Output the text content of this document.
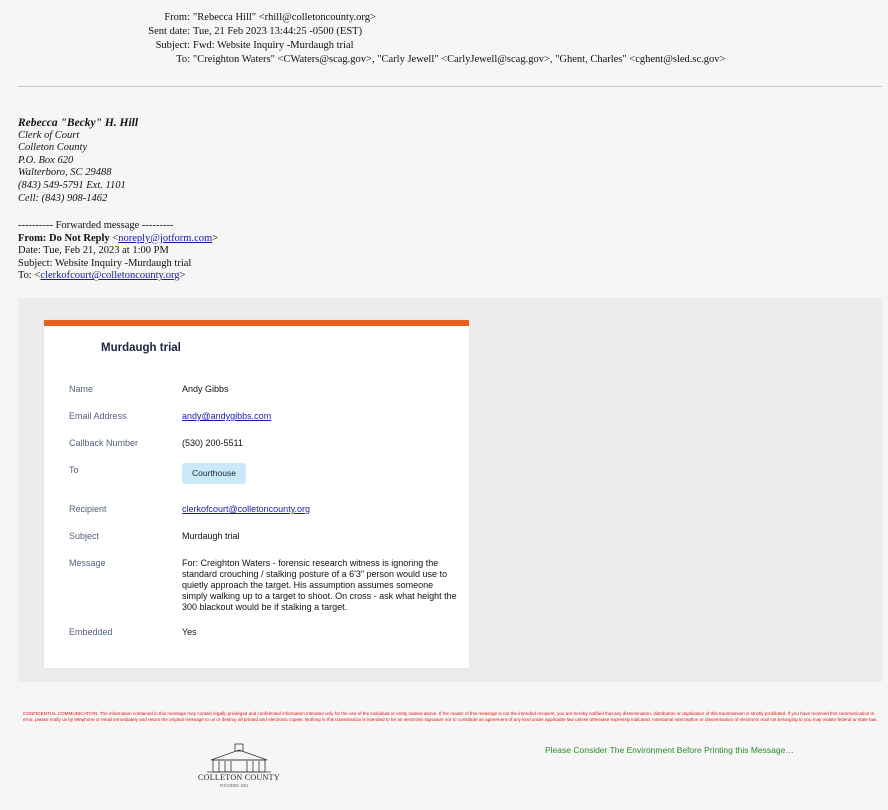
From: "Rebecca Hill" <rhill@colletoncounty.org>
Sent date: Tue, 21 Feb 2023 13:44:25 -0500 (EST)
Subject: Fwd: Website Inquiry -Murdaugh trial
To: "Creighton Waters" <CWaters@scag.gov>, "Carly Jewell" <CarlyJewell@scag.gov>, "Ghent, Charles" <cghent@sled.sc.gov>
Rebecca "Becky" H. Hill
Clerk of Court
Colleton County
P.O. Box 620
Walterboro, SC 29488
(843) 549-5791 Ext. 1101
Cell: (843) 908-1462
---------- Forwarded message ---------
From: Do Not Reply <noreply@jotform.com>
Date: Tue, Feb 21, 2023 at 1:00 PM
Subject: Website Inquiry -Murdaugh trial
To: <clerkofcourt@colletoncounty.org>
Murdaugh trial
Name	Andy Gibbs
Email Address	andy@andygibbs.com
Callback Number	(530) 200-5511
To	Courthouse
Recipient	clerkofcourt@colletoncounty.org
Subject	Murdaugh trial
Message	For: Creighton Waters - forensic research witness is ignoring the standard crouching / stalking posture of a 6'3" person would use to quietly approach the target. His assumption assumes someone simply walking up to a target to shoot. On cross - ask what height the 300 blackout would be if stalking a target.
Embedded	Yes
CONFIDENTIAL COMMUNICATION: The information contained in this message may contain legally privileged and confidential information intended only for the use of the individual or entity named above. If the reader of this message is not the intended recipient, you are hereby notified that any dissemination, distribution or duplication of this transmission is strictly prohibited. If you have received this communication in error, please notify us by telephone or email immediately and return the original message to us or destroy all printed and electronic copies. Nothing in this transmission is intended to be an electronic signature nor to constitute an agreement of any kind under applicable law unless otherwise expressly indicated. Intentional interception or dissemination of electronic mail not belonging to you may violate federal or state law.
Please Consider The Environment Before Printing this Message…
COLLETON COUNTY
FOUNDED 1682
